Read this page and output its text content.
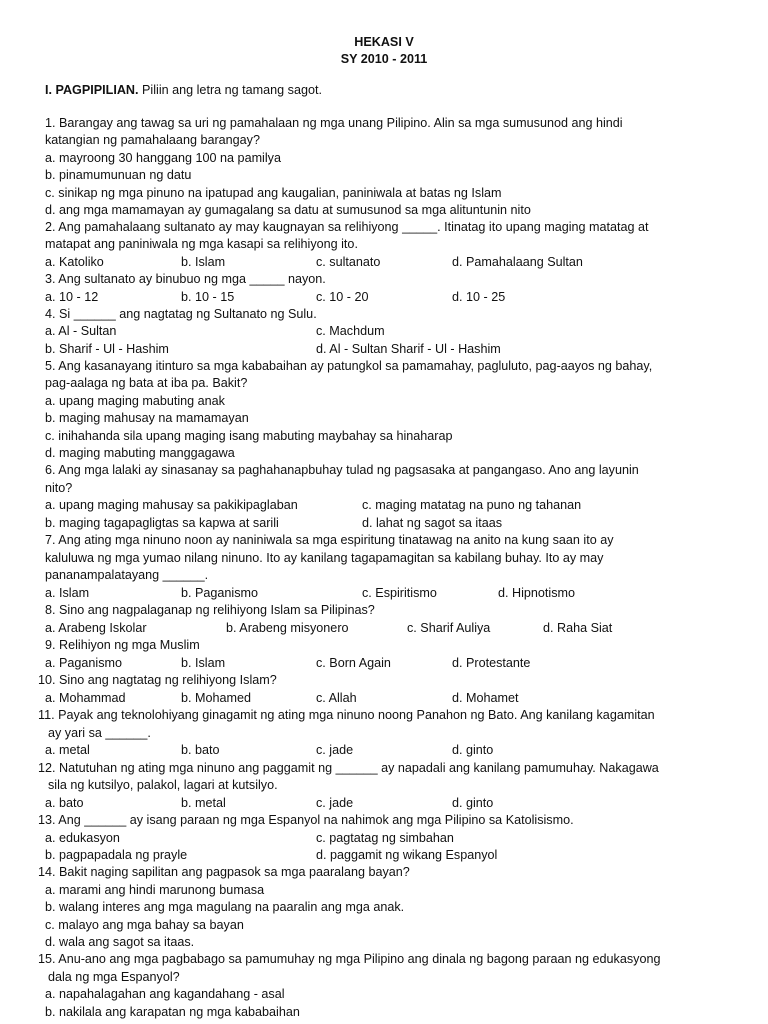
HEKASI V
SY 2010 - 2011
I. PAGPIPILIAN. Piliin ang letra ng tamang sagot.
1. Barangay ang tawag sa uri ng pamahalaan ng mga unang Pilipino. Alin sa mga sumusunod ang hindi
katangian ng pamahalaang barangay?
a. mayroong 30 hanggang 100 na pamilya
b. pinamumunuan ng datu
c. sinikap ng mga pinuno na ipatupad ang kaugalian, paniniwala at batas ng Islam
d. ang mga mamamayan ay gumagalang sa datu at sumusunod sa mga alituntunin nito
2. Ang pamahalaang sultanato ay may kaugnayan sa relihiyong _____. Itinatag ito upang maging matatag at
matapat ang paniniwala ng mga kasapi sa relihiyong ito.
a. Katoliko	b. Islam	c. sultanato	d. Pamahalaang Sultan
3. Ang sultanato ay binubuo ng mga _____ nayon.
a. 10 - 12	b. 10 - 15	c. 10 - 20	d. 10 - 25
4. Si ______ ang nagtatag ng Sultanato ng Sulu.
a. Al - Sultan	c. Machdum
b. Sharif - Ul - Hashim	d. Al - Sultan Sharif - Ul - Hashim
5. Ang kasanayang itinturo sa mga kababaihan ay patungkol sa pamamahay, pagluluto, pag-aayos ng bahay,
pag-aalaga ng bata at iba pa. Bakit?
a. upang maging mabuting anak
b. maging mahusay na mamamayan
c. inihahanda sila upang maging isang mabuting maybahay sa hinaharap
d. maging mabuting manggagawa
6. Ang mga lalaki ay sinasanay sa paghahanapbuhay tulad ng pagsasaka at pangangaso. Ano ang layunin
nito?
a. upang maging mahusay sa pakikipaglaban	c. maging matatag na puno ng tahanan
b. maging tagapagligtas sa kapwa at sarili	d. lahat ng sagot sa itaas
7. Ang ating mga ninuno noon ay naniniwala sa mga espiritung tinatawag na anito na kung saan ito ay
kaluluwa ng mga yumao nilang ninuno. Ito ay kanilang tagapamagitan sa kabilang buhay. Ito ay may
pananampalatayang ______.
a. Islam	b. Paganismo	c. Espiritismo	d. Hipnotismo
8. Sino ang nagpalaganap ng relihiyong Islam sa Pilipinas?
a. Arabeng Iskolar	b. Arabeng misyonero	c. Sharif Auliya	d. Raha Siat
9. Relihiyon ng mga Muslim
a. Paganismo	b. Islam	c. Born Again	d. Protestante
10. Sino ang nagtatag ng relihiyong Islam?
a. Mohammad	b. Mohamed	c. Allah	d. Mohamet
11. Payak ang teknolohiyang ginagamit ng ating mga ninuno noong Panahon ng Bato. Ang kanilang kagamitan
ay yari sa ______.
a. metal	b. bato	c. jade	d. ginto
12. Natutuhan ng ating mga ninuno ang paggamit ng ______ ay napadali ang kanilang pamumuhay. Nakagawa
sila ng kutsilyo, palakol, lagari at kutsilyo.
a. bato	b. metal	c. jade	d. ginto
13. Ang ______ ay isang paraan ng mga Espanyol na nahimok ang mga Pilipino sa Katolisismo.
a. edukasyon	c. pagtatag ng simbahan
b. pagpapadala ng prayle	d. paggamit ng wikang Espanyol
14. Bakit naging sapilitan ang pagpasok sa mga paaralang bayan?
a. marami ang hindi marunong bumasa
b. walang interes ang mga magulang na paaralin ang mga anak.
c. malayo ang mga bahay sa bayan
d. wala ang sagot sa itaas.
15. Anu-ano ang mga pagbabago sa pamumuhay ng mga Pilipino ang dinala ng bagong paraan ng edukasyong
dala ng mga Espanyol?
a. napahalagahan ang kagandahang - asal
b. nakilala ang karapatan ng mga kababaihan
